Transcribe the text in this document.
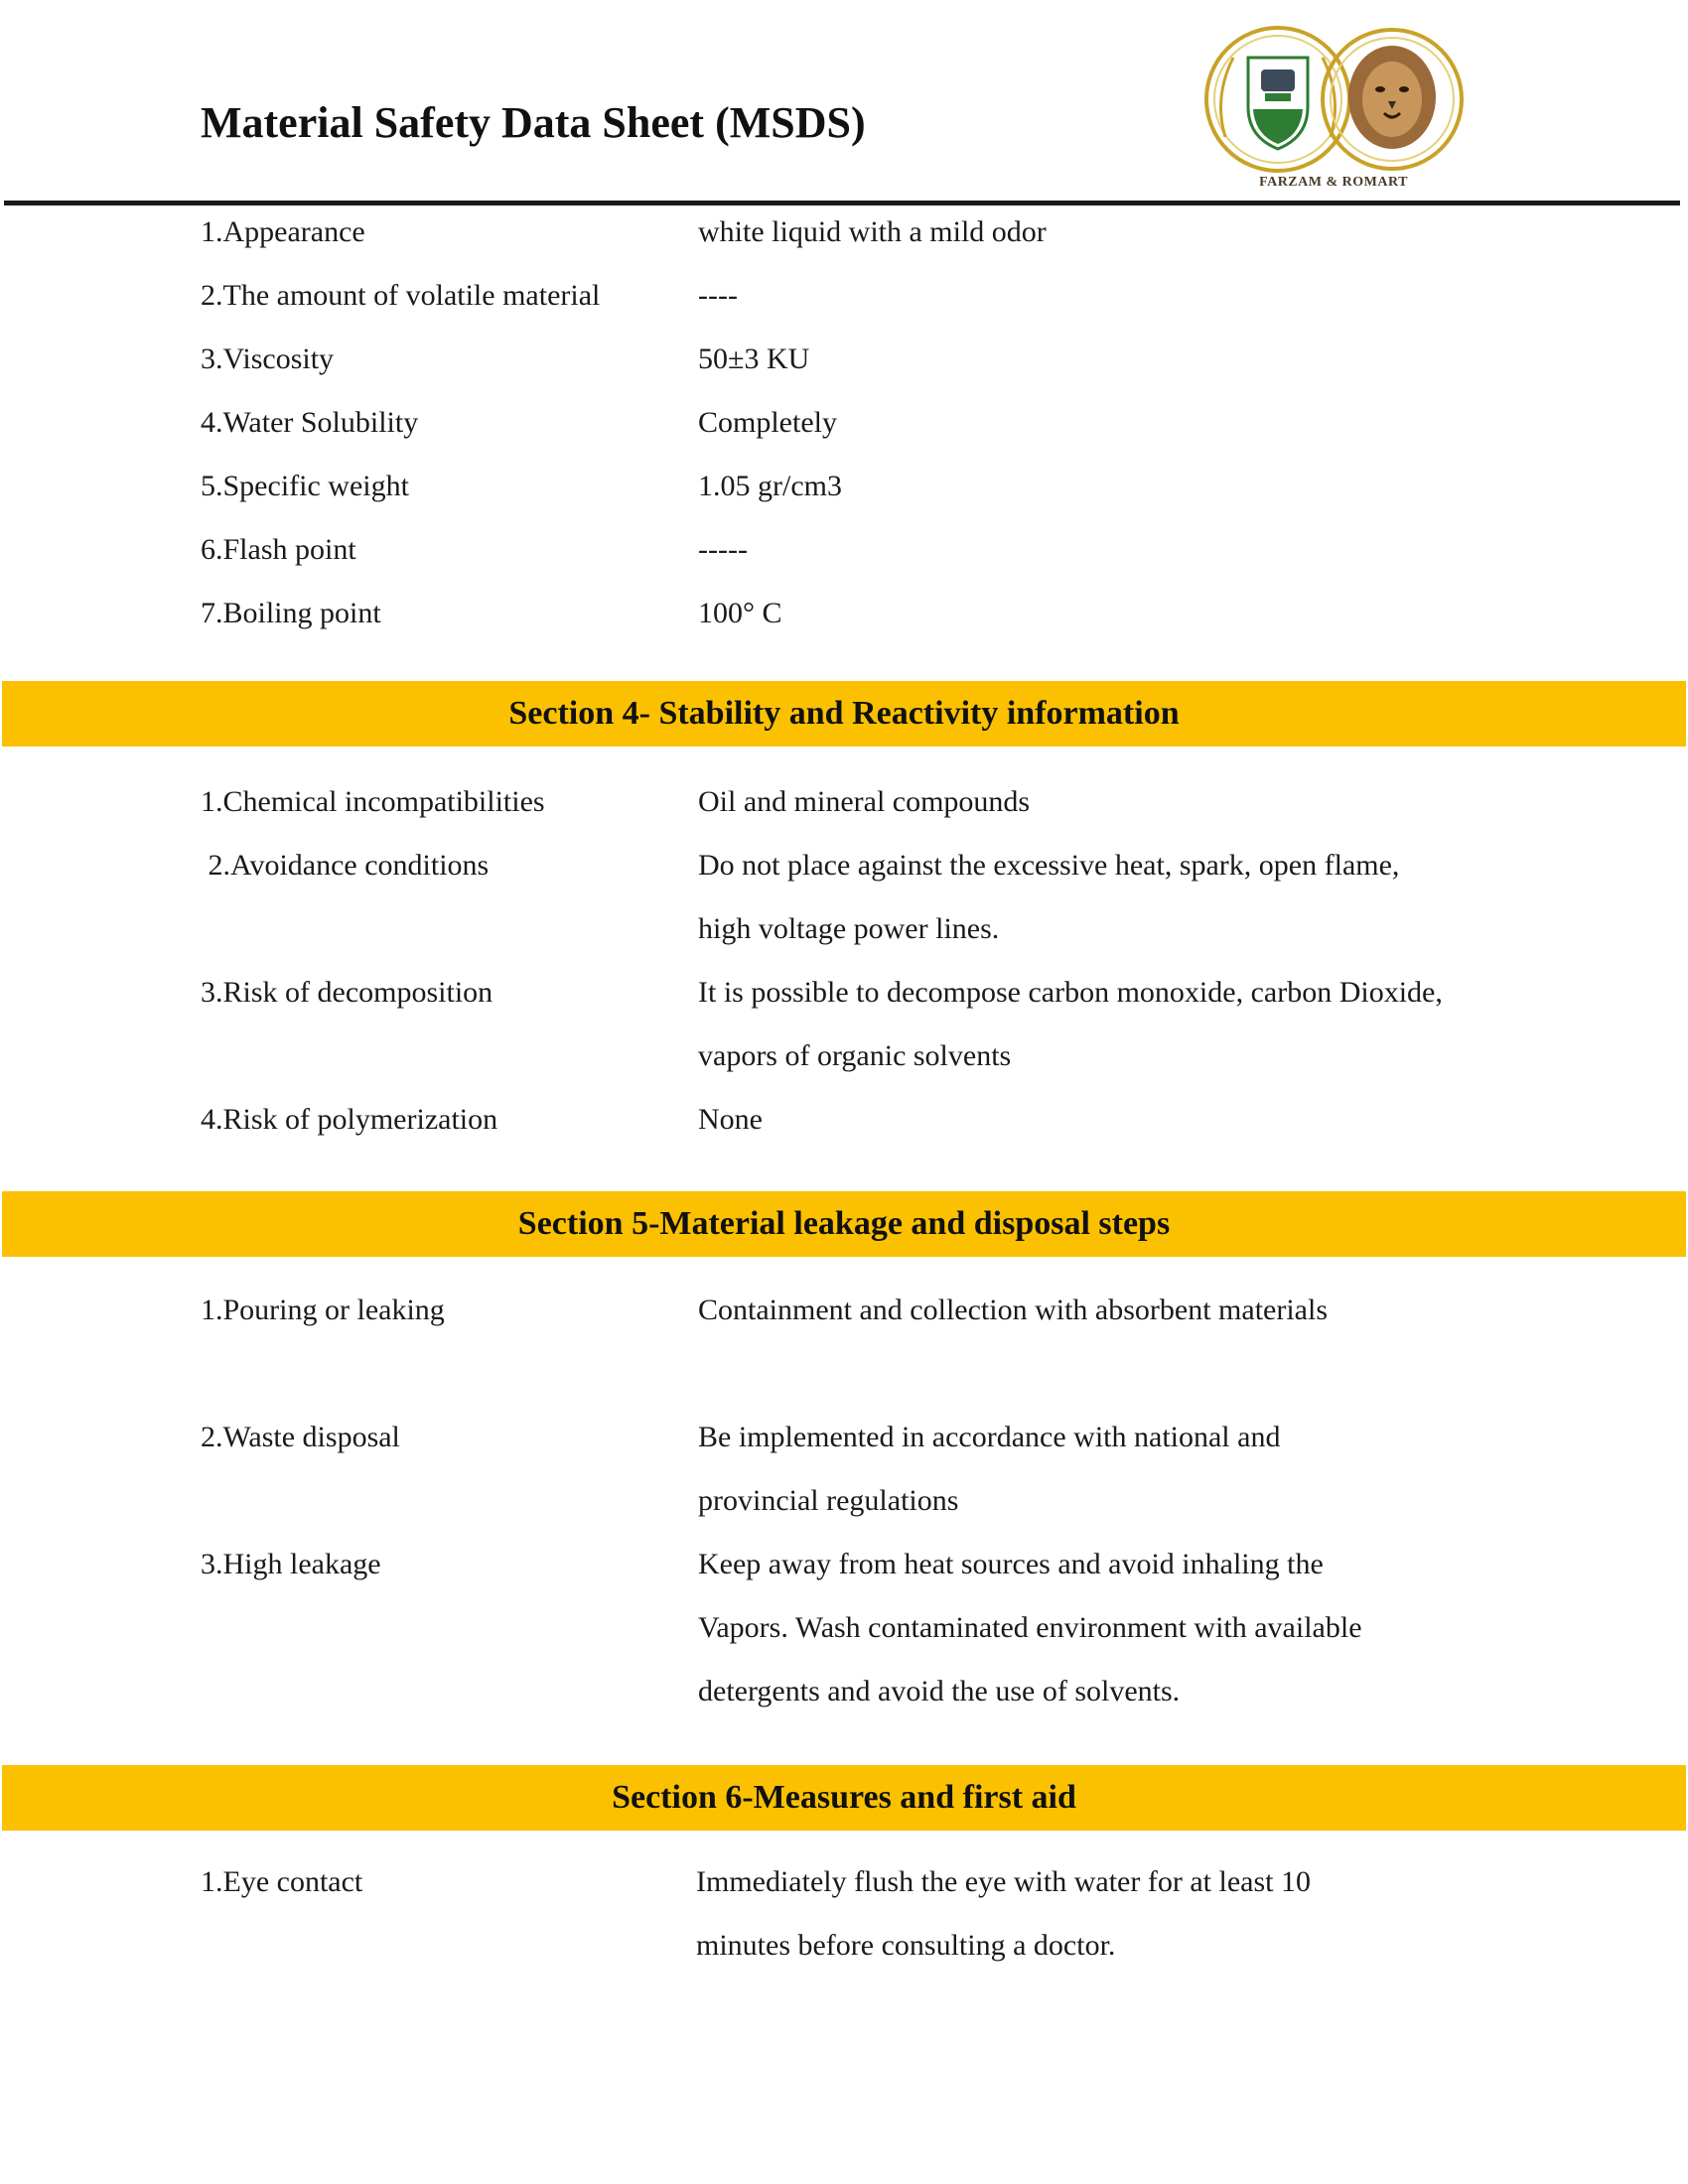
Material Safety Data Sheet (MSDS)
FARZAM & ROMART
1.Appearance	white liquid with a mild odor
2.The amount of volatile material	----
3.Viscosity	50±3 KU
4.Water Solubility	Completely
5.Specific weight	1.05 gr/cm3
6.Flash point	-----
7.Boiling point	100° C
Section 4- Stability and Reactivity information
1.Chemical incompatibilities	Oil and mineral compounds
2.Avoidance conditions	Do not place against the excessive heat, spark, open flame, high voltage power lines.
3.Risk of decomposition	It is possible to decompose carbon monoxide, carbon Dioxide, vapors of organic solvents
4.Risk of polymerization	None
Section 5-Material leakage and disposal steps
1.Pouring or leaking	Containment and collection with absorbent materials
2.Waste disposal	Be implemented in accordance with national and provincial regulations
3.High leakage	Keep away from heat sources and avoid inhaling the Vapors. Wash contaminated environment with available detergents and avoid the use of solvents.
Section 6-Measures and first aid
1.Eye contact	Immediately flush the eye with water for at least 10 minutes before consulting a doctor.
